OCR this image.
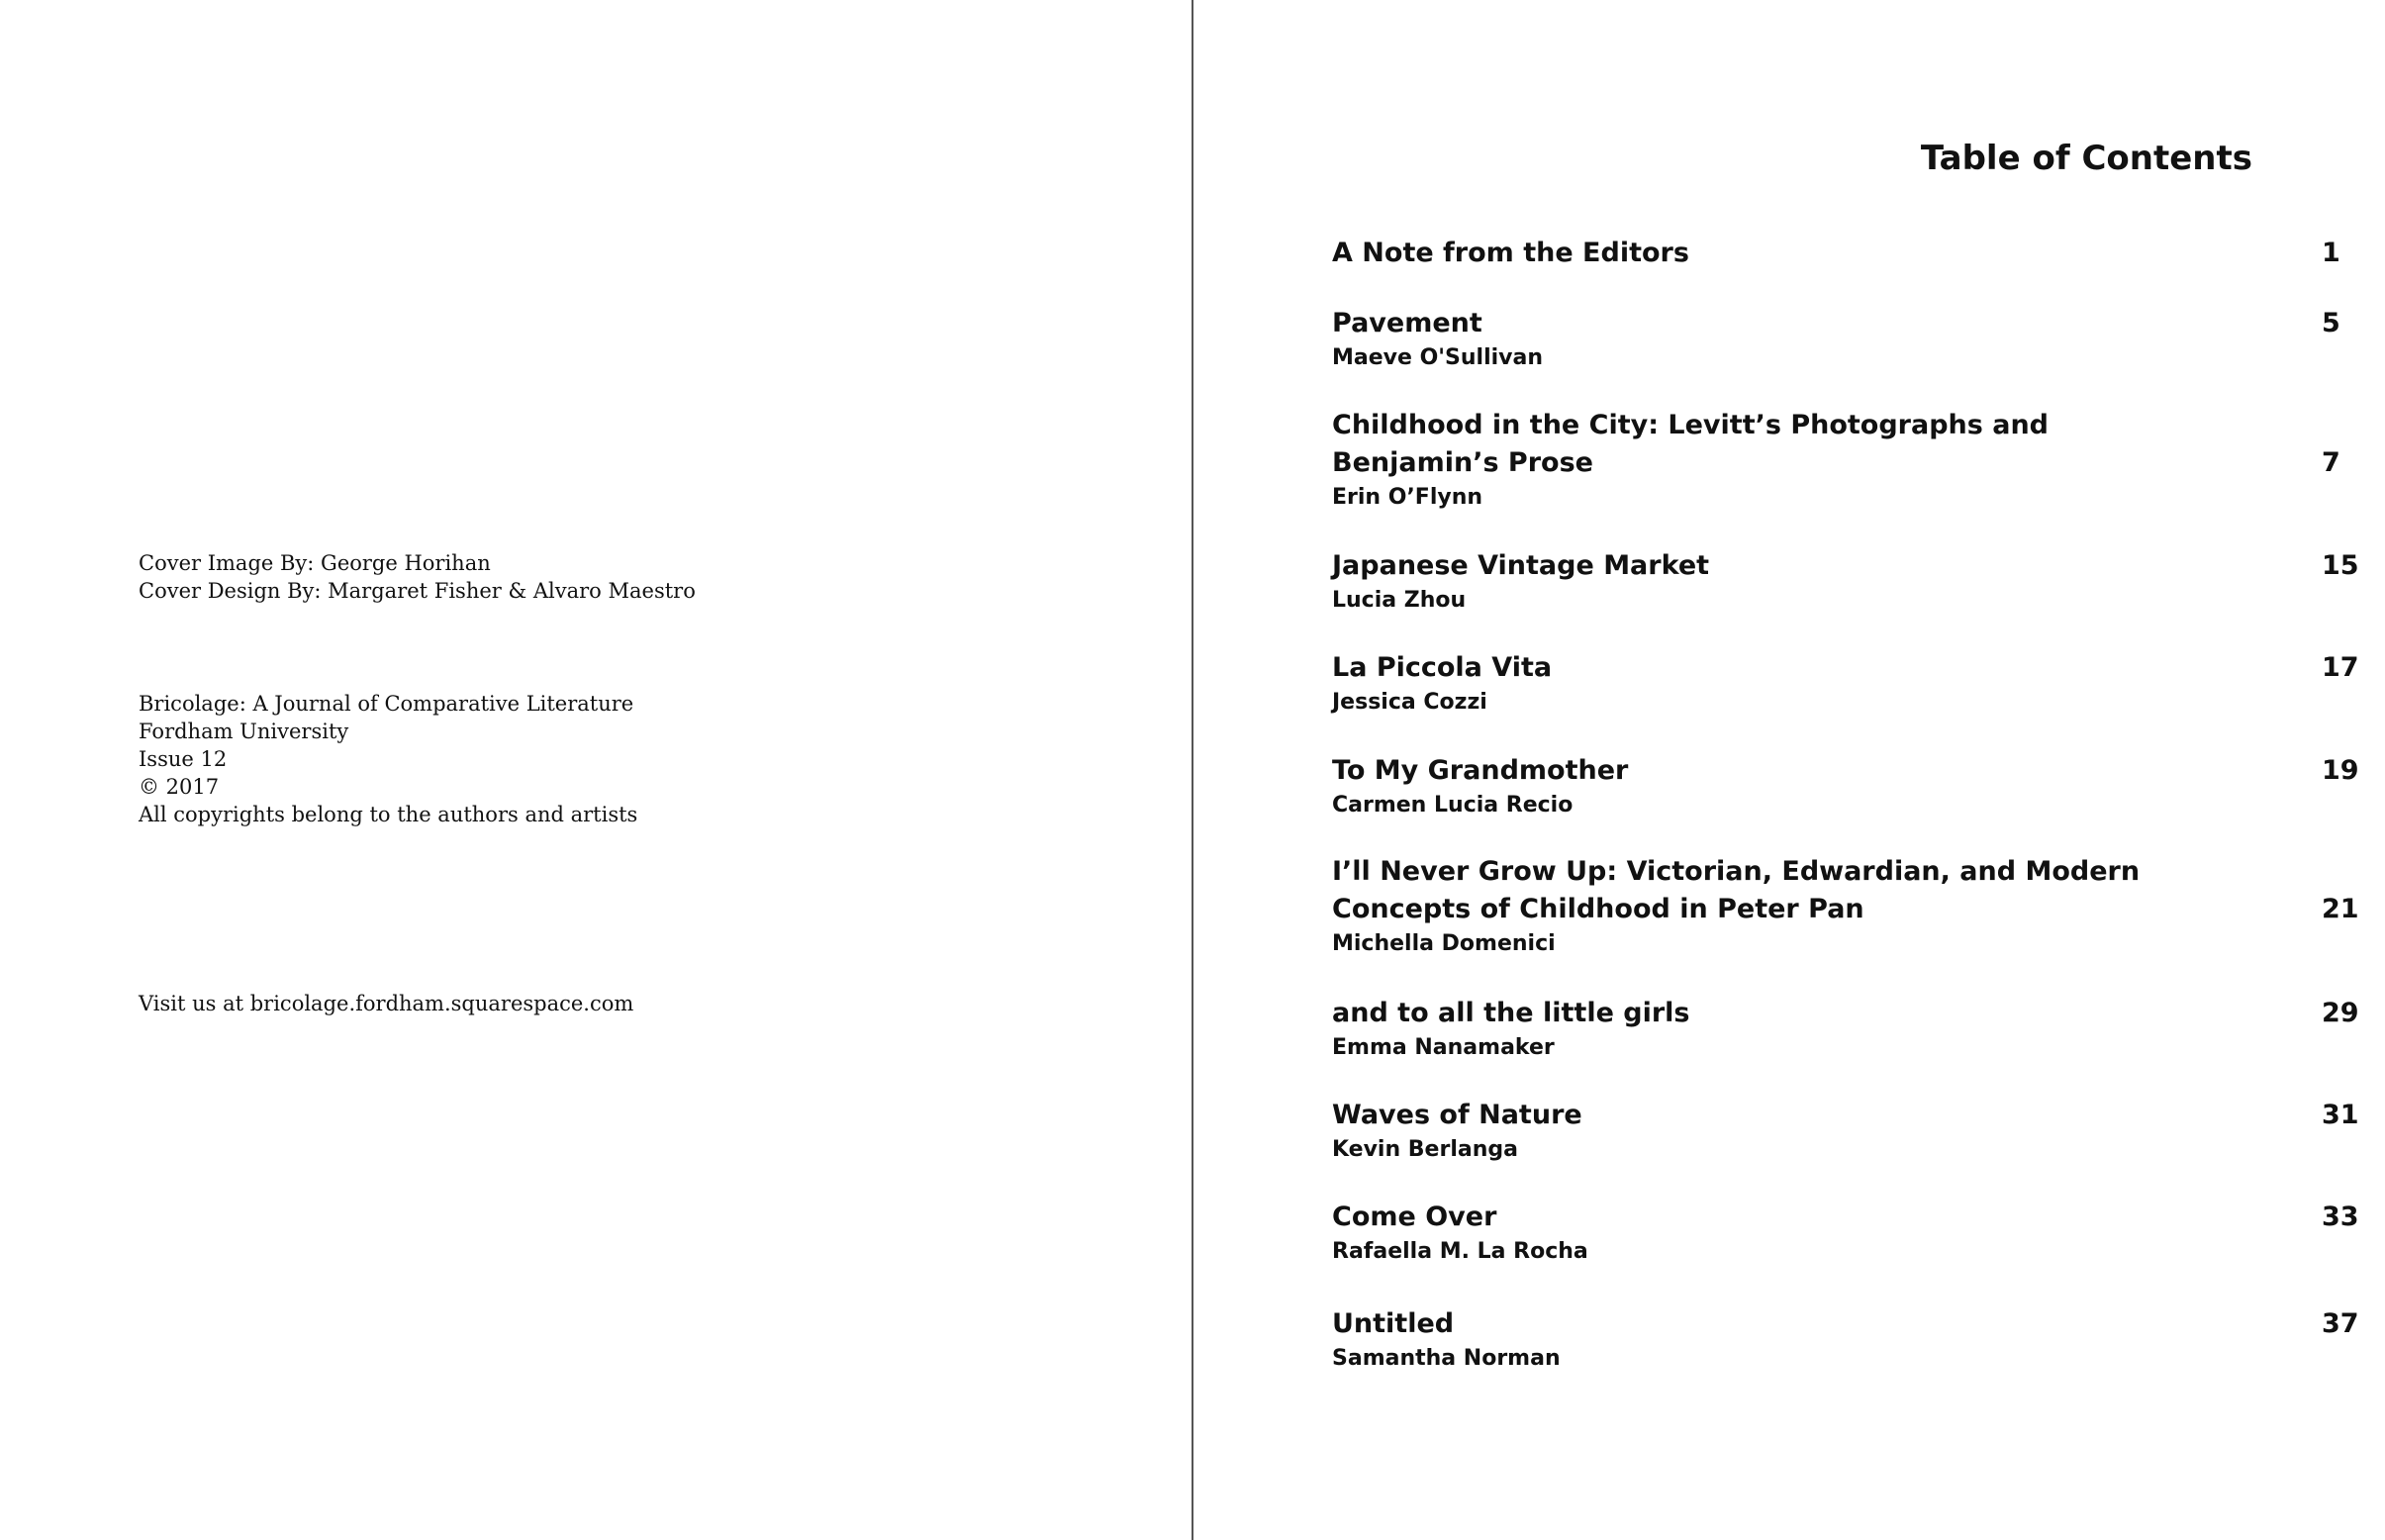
Cover Image By: George Horihan
Cover Design By: Margaret Fisher & Alvaro Maestro
Bricolage: A Journal of Comparative Literature
Fordham University
Issue 12
© 2017
All copyrights belong to the authors and artists
Visit us at bricolage.fordham.squarespace.com
Table of Contents
A Note from the Editors	1
Pavement
Maeve O'Sullivan
5
Childhood in the City: Levitt’s Photographs and
Benjamin’s Prose
Erin O’Flynn
7
Japanese Vintage Market
Lucia Zhou
15
La Piccola Vita
Jessica Cozzi
17
To My Grandmother
Carmen Lucia Recio
19
I’ll Never Grow Up: Victorian, Edwardian, and Modern
Concepts of Childhood in Peter Pan
Michella Domenici
21
and to all the little girls
Emma Nanamaker
29
Waves of Nature
Kevin Berlanga
31
Come Over
Rafaella M. La Rocha
33
Untitled
Samantha Norman
37
